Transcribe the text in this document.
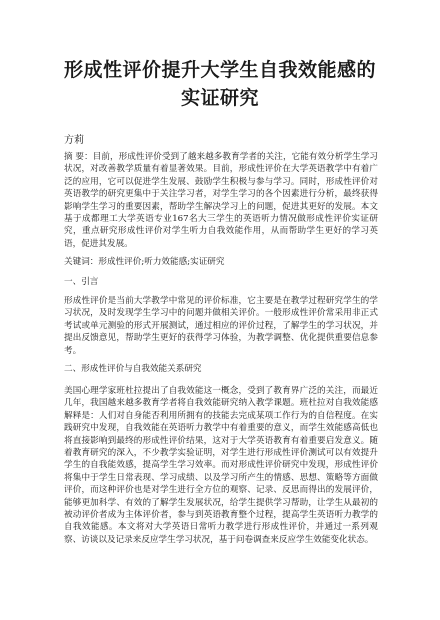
形成性评价提升大学生自我效能感的实证研究
方莉
摘 要：目前，形成性评价受到了越来越多教育学者的关注，它能有效分析学生学习状况，对改善教学质量有着显著效果。目前，形成性评价在大学英语教学中有着广泛的应用，它可以促进学生发展、鼓励学生积极与参与学习。同时，形成性评价对英语教学的研究更集中于关注学习者，对学生学习的各个因素进行分析，最终获得影响学生学习的重要因素，帮助学生解决学习上的问题，促进其更好的发展。本文基于成都理工大学英语专业167名大三学生的英语听力情况做形成性评价实证研究，重点研究形成性评价对学生听力自我效能作用，从而帮助学生更好的学习英语，促进其发展。
关键词：形成性评价;听力效能感;实证研究
一、引言
形成性评价是当前大学教学中常见的评价标准，它主要是在教学过程研究学生的学习状况，及时发现学生学习中的问题并做相关评价。一般形成性评价常采用非正式考试或单元测验的形式开展测试，通过相应的评价过程，了解学生的学习状况，并提出反馈意见，帮助学生更好的获得学习体验，为教学调整、优化提供重要信息参考。
二、形成性评价与自我效能关系研究
美国心理学家班杜拉提出了自我效能这一概念，受到了教育界广泛的关注，而最近几年，我国越来越多教育学者将自我效能研究纳入教学课题。班杜拉对自我效能感解释是：人们对自身能否利用所拥有的技能去完成某项工作行为的自信程度。在实践研究中发现，自我效能在英语听力教学中有着重要的意义，而学生效能感高低也将直接影响到最终的形成性评价结果，这对于大学英语教育有着重要启发意义。随着教育研究的深入，不少教学实验证明，对学生进行形成性评价测试可以有效提升学生的自我能效感，提高学生学习效率。而对形成性评价研究中发现，形成性评价将集中于学生日常表现、学习成绩、以及学习所产生的情感、思想、策略等方面做评价，而这种评价也是对学生进行全方位的观察、记录、反思而得出的发展评价，能够更加科学、有效的了解学生发展状况，给学生提供学习帮助，让学生从最初的被动评价者成为主体评价者，参与到英语教育整个过程，提高学生英语听力教学的自我效能感。本文将对大学英语日常听力教学进行形成性评价，并通过一系列观察、访谈以及记录来反应学生学习状况，基于问卷调查来反应学生效能变化状态。
